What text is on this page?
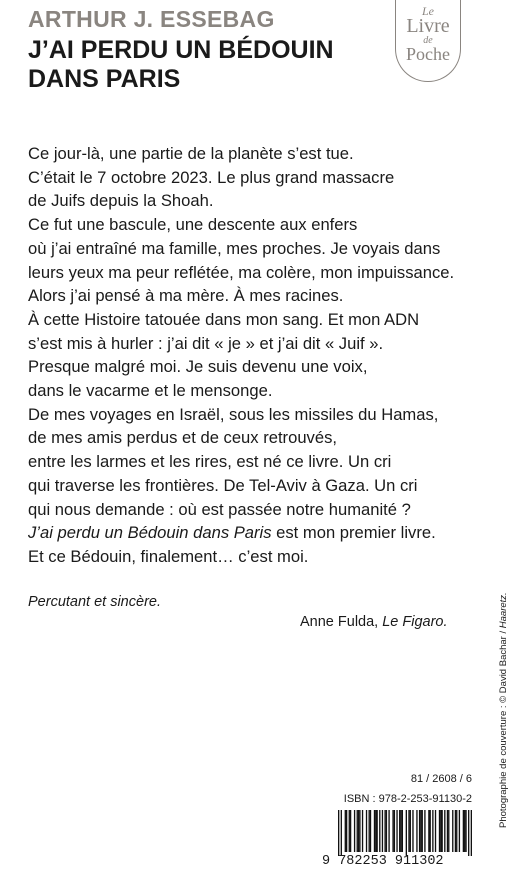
ARTHUR J. ESSEBAG
J’AI PERDU UN BÉDOUIN
DANS PARIS
Le
Livre
de
Poche
Ce jour-là, une partie de la planète s’est tue.
C’était le 7 octobre 2023. Le plus grand massacre
de Juifs depuis la Shoah.
Ce fut une bascule, une descente aux enfers
où j’ai entraîné ma famille, mes proches. Je voyais dans
leurs yeux ma peur reflétée, ma colère, mon impuissance.
Alors j’ai pensé à ma mère. À mes racines.
À cette Histoire tatouée dans mon sang. Et mon ADN
s’est mis à hurler : j’ai dit « je » et j’ai dit « Juif ».
Presque malgré moi. Je suis devenu une voix,
dans le vacarme et le mensonge.
De mes voyages en Israël, sous les missiles du Hamas,
de mes amis perdus et de ceux retrouvés,
entre les larmes et les rires, est né ce livre. Un cri
qui traverse les frontières. De Tel-Aviv à Gaza. Un cri
qui nous demande : où est passée notre humanité ?
J’ai perdu un Bédouin dans Paris est mon premier livre.
Et ce Bédouin, finalement… c’est moi.
Percutant et sincère.
Anne Fulda, Le Figaro.
Photographie de couverture : © David Bachar / Haaretz.
81 / 2608 / 6
ISBN : 978-2-253-91130-2
9 782253 911302
